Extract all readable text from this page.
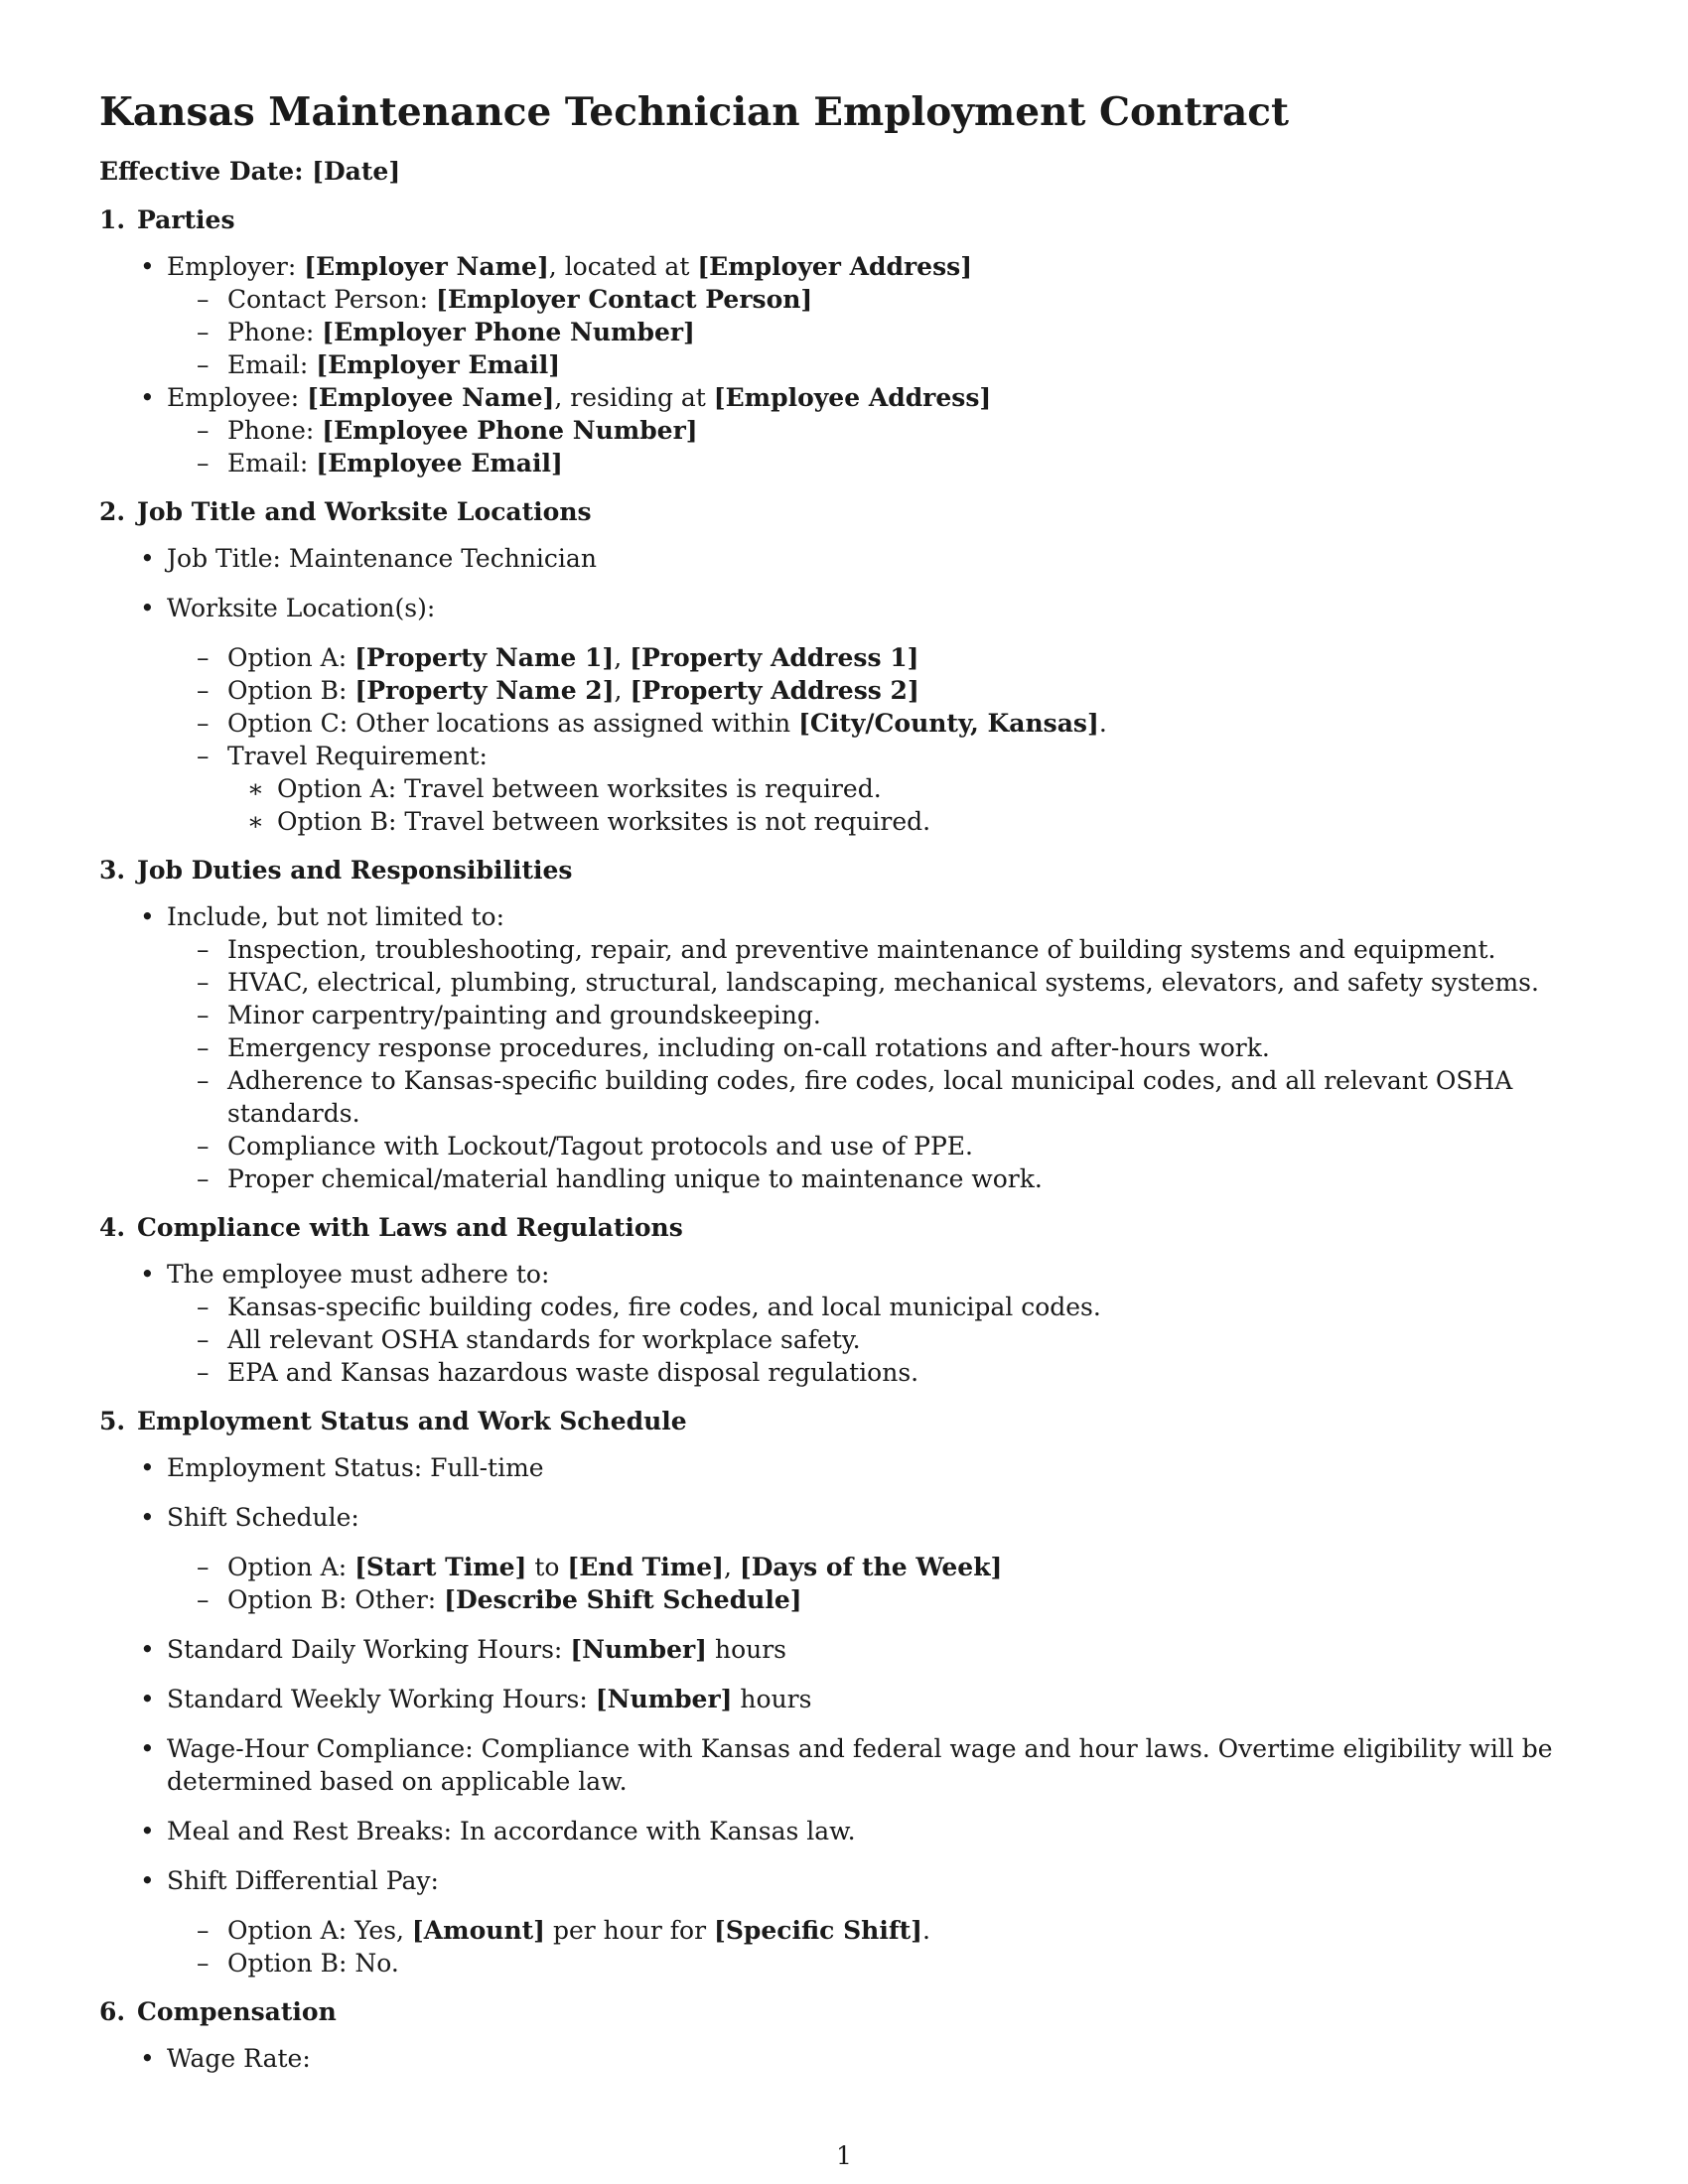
Kansas Maintenance Technician Employment Contract
Effective Date: [Date]
1. Parties
• Employer: [Employer Name], located at [Employer Address]
– Contact Person: [Employer Contact Person]
– Phone: [Employer Phone Number]
– Email: [Employer Email]
• Employee: [Employee Name], residing at [Employee Address]
– Phone: [Employee Phone Number]
– Email: [Employee Email]
2. Job Title and Worksite Locations
• Job Title: Maintenance Technician
• Worksite Location(s):
– Option A: [Property Name 1], [Property Address 1]
– Option B: [Property Name 2], [Property Address 2]
– Option C: Other locations as assigned within [City/County, Kansas].
– Travel Requirement:
∗ Option A: Travel between worksites is required.
∗ Option B: Travel between worksites is not required.
3. Job Duties and Responsibilities
• Include, but not limited to:
– Inspection, troubleshooting, repair, and preventive maintenance of building systems and equipment.
– HVAC, electrical, plumbing, structural, landscaping, mechanical systems, elevators, and safety systems.
– Minor carpentry/painting and groundskeeping.
– Emergency response procedures, including on-call rotations and after-hours work.
– Adherence to Kansas-specific building codes, fire codes, local municipal codes, and all relevant OSHA standards.
– Compliance with Lockout/Tagout protocols and use of PPE.
– Proper chemical/material handling unique to maintenance work.
4. Compliance with Laws and Regulations
• The employee must adhere to:
– Kansas-specific building codes, fire codes, and local municipal codes.
– All relevant OSHA standards for workplace safety.
– EPA and Kansas hazardous waste disposal regulations.
5. Employment Status and Work Schedule
• Employment Status: Full-time
• Shift Schedule:
– Option A: [Start Time] to [End Time], [Days of the Week]
– Option B: Other: [Describe Shift Schedule]
• Standard Daily Working Hours: [Number] hours
• Standard Weekly Working Hours: [Number] hours
• Wage-Hour Compliance: Compliance with Kansas and federal wage and hour laws. Overtime eligibility will be determined based on applicable law.
• Meal and Rest Breaks: In accordance with Kansas law.
• Shift Differential Pay:
– Option A: Yes, [Amount] per hour for [Specific Shift].
– Option B: No.
6. Compensation
• Wage Rate:
1
